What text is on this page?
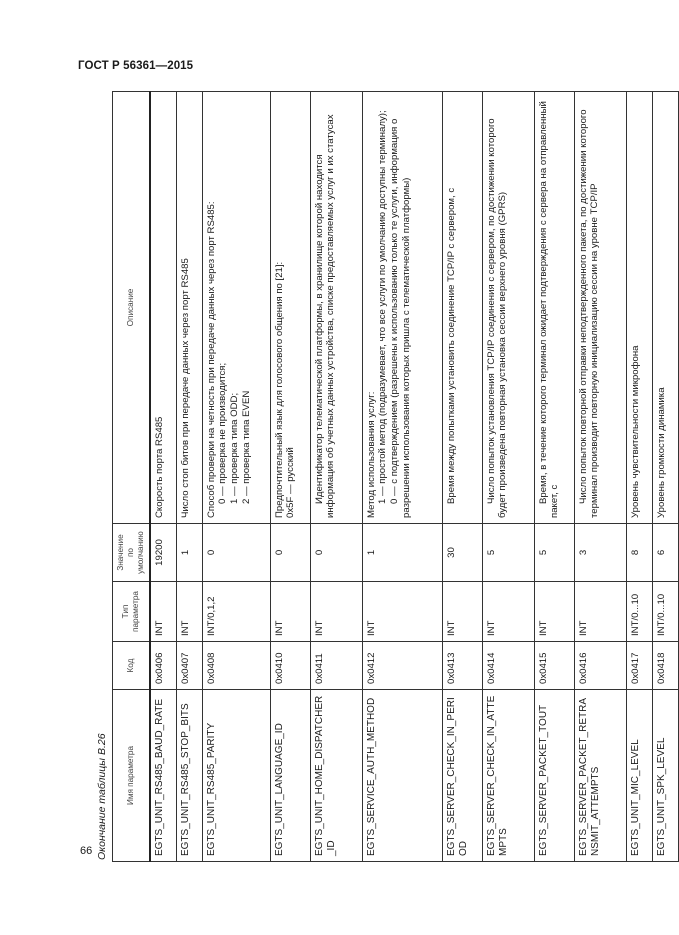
ГОСТ Р 56361—2015
Окончание таблицы В.26	Имя параметра	Код	Тип параметра	Значение по умолчанию	Описание
EGTS_UNIT_RS485_BAUD_RATE	0x0406	INT	19200	Скорость порта RS485

EGTS_UNIT_RS485_STOP_BITS	0x0407	INT	1	Число стоп битов при передаче данных через порт RS485

EGTS_UNIT_RS485_PARITY	0x0408	INT/0,1,2	0	Способ проверки на четность при передаче данных через порт RS485: 0 — проверка не производится; 1 — проверка типа ODD; 2 — проверка типа EVEN

EGTS_UNIT_LANGUAGE_ID	0x0410	INT	0	Предпочтительный язык для голосового общения по [21]: 0x5F — русский

EGTS_UNIT_HOME_DISPATCHER_ID	0x0411	INT	0	Идентификатор телематической платформы, в хранилище которой находится информация об учетных данных устройства, списке предоставляемых услуг и их статусах

EGTS_SERVICE_AUTH_METHOD	0x0412	INT	1	Метод использования услуг: 1 — простой метод (подразумевает, что все услуги по умолчанию доступны терминалу); 0 — с подтверждением (разрешены к использованию только те услуги, информация о разрешении использования которых пришла с телематической платформы)

EGTS_SERVER_CHECK_IN_PERIOD	0x0413	INT	30	Время между попытками установить соединение TCP/IP с сервером, с

EGTS_SERVER_CHECK_IN_ATTEMPTS	0x0414	INT	5	Число попыток установления TCP/IP соединения с сервером, по достижении которого будет произведена повторная установка сессии верхнего уровня (GPRS)

EGTS_SERVER_PACKET_TOUT	0x0415	INT	5	Время, в течение которого терминал ожидает подтверждения с сервера на отправленный пакет, с

EGTS_SERVER_PACKET_RETRANSMIT_ATTEMPTS	0x0416	INT	3	Число попыток повторной отправки неподтвержденного пакета, по достижении которого терминал производит повторную инициализацию сессии на уровне TCP/IP

EGTS_UNIT_MIC_LEVEL	0x0417	INT/0...10	8	Уровень чувствительности микрофона

EGTS_UNIT_SPK_LEVEL	0x0418	INT/0...10	6	Уровень громкости динамика
66
